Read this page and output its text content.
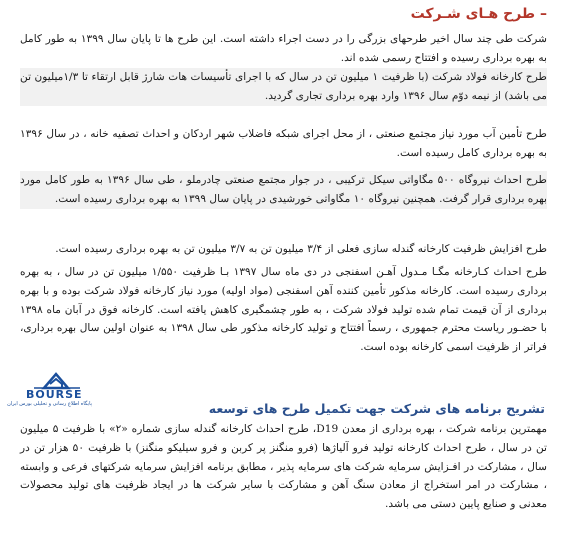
– طرح هـای شـرکت
شرکت طی چند سال اخیر طرحهای بزرگی را در دست اجراء داشته است. این طرح ها تا پایان سال ۱۳۹۹ به طور کامل به بهره برداری رسیده و افتتاح رسمی شده اند.
طرح کارخانه فولاد شرکت (با ظرفیت ۱ میلیون تن در سال که با اجرای تأسیسات هات شارژ قابل ارتقاء تا ۱/۳میلیون تن می باشد) از نیمه دوّم سال ۱۳۹۶ وارد بهره برداری تجاری گردید.
طرح تأمین آب مورد نیاز مجتمع صنعتی ، از محل اجرای شبکه فاضلاب شهر اردکان و احداث تصفیه خانه ، در سال ۱۳۹۶ به بهره برداری کامل رسیده است.
طرح احداث نیروگاه ۵۰۰ مگاواتی سیکل ترکیبی ، در جوار مجتمع صنعتی چادرملو ، طی سال ۱۳۹۶ به طور کامل مورد بهره برداری قرار گرفت. همچنین نیروگاه ۱۰ مگاواتی خورشیدی در پایان سال ۱۳۹۹ به بهره برداری رسیده است.
طرح افزایش ظرفیت کارخانه گندله سازی فعلی از ۳/۴ میلیون تن به ۳/۷ میلیون تن به بهره برداری رسیده است.
طرح احداث کـارخانه مگـا مـدول آهـن اسفنجی در دی ماه سال ۱۳۹۷ بـا ظرفیت ۱/۵۵۰ میلیون تن در سال ، به بهره برداری رسیده است. کارخانه مذکور تأمین کننده آهن اسفنجی (مواد اولیه) مورد نیاز کارخانه فولاد شرکت بوده و با بهره برداری از آن قیمت تمام شده تولید فولاد شرکت ، به طور چشمگیری کاهش یافته است. کارخانه فوق در آبان ماه ۱۳۹۸ با حضـور ریاست محترم جمهوری ، رسماً افتتاح و تولید کارخانه مذکور طی سال ۱۳۹۸ به عنوان اولین سال بهره برداری، فراتر از ظرفیت اسمی کارخانه بوده است.
BOURSE
پایگاه اطلاع رسانی و تحلیلی بورس ایران	تشریح برنامه های شرکت جهت تکمیل طرح های توسعه
مهمترین برنامه شرکت ، بهره برداری از معدن D19، طرح احداث کارخانه گندله سازی شماره «۲» با ظرفیت ۵ میلیون تن در سال ، طرح احداث کارخانه تولید فرو آلیاژها (فرو منگنز پر کربن و فرو سیلیکو منگنز) با ظرفیت ۵۰ هزار تن در سال ، مشارکت در افـزایش سرمایه شرکت های سرمایه پذیر ، مطابق برنامه افزایش سرمایه شرکتهای فرعی و وابسته ، مشارکت در امر استخراج از معادن سنگ آهن و مشارکت با سایر شرکت ها در ایجاد ظرفیت های تولید محصولات معدنی و صنایع پایین دستی می باشد.
